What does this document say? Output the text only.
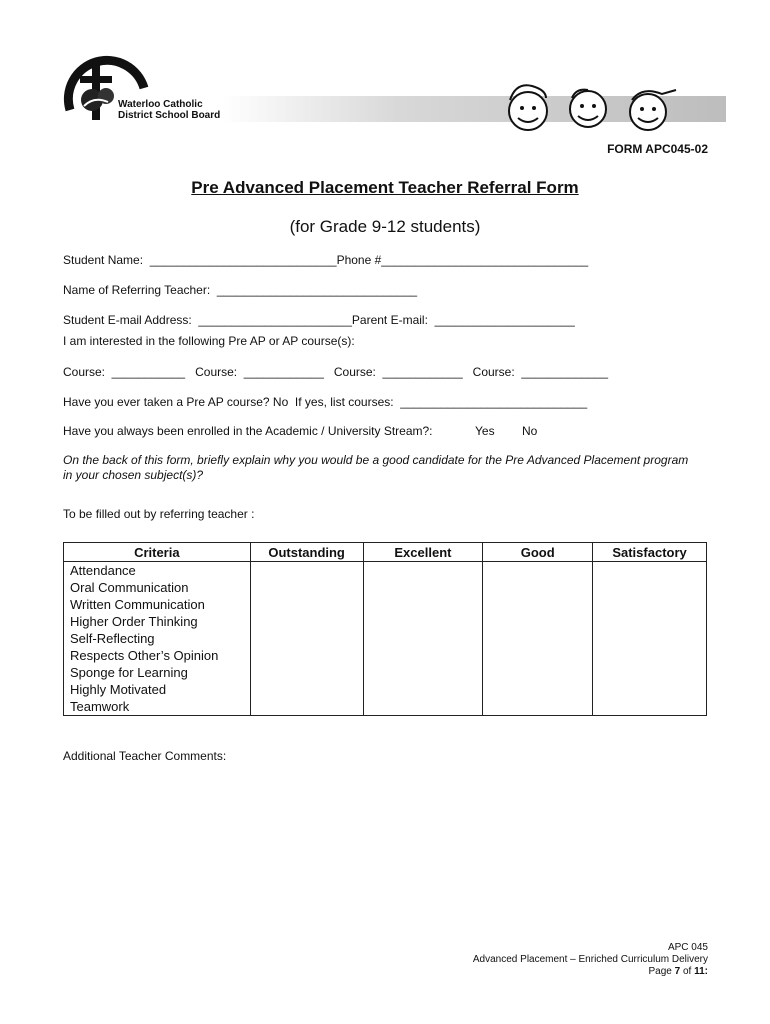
Waterloo Catholic
District School Board
FORM APC045-02
Pre Advanced Placement Teacher Referral Form
(for Grade 9-12 students)
Student Name:  ____________________________Phone #_______________________________
Name of Referring Teacher:  ______________________________
Student E-mail Address:  _______________________Parent E-mail:  _____________________
I am interested in the following Pre AP or AP course(s):
Course:  ___________   Course:  ____________   Course:  ____________   Course:  _____________
Have you ever taken a Pre AP course? No  If yes, list courses:  ____________________________
Have you always been enrolled in the Academic / University Stream?:	Yes No
On the back of this form, briefly explain why you would be a good candidate for the Pre Advanced Placement program in your chosen subject(s)?
To be filled out by referring teacher :
Criteria	Outstanding	Excellent	Good	Satisfactory
Attendance				
Oral Communication				
Written Communication				
Higher Order Thinking				
Self-Reflecting				
Respects Other’s Opinion				
Sponge for Learning				
Highly Motivated				
Teamwork				
Additional Teacher Comments:
APC 045
Advanced Placement – Enriched Curriculum Delivery
Page 7 of 11:
